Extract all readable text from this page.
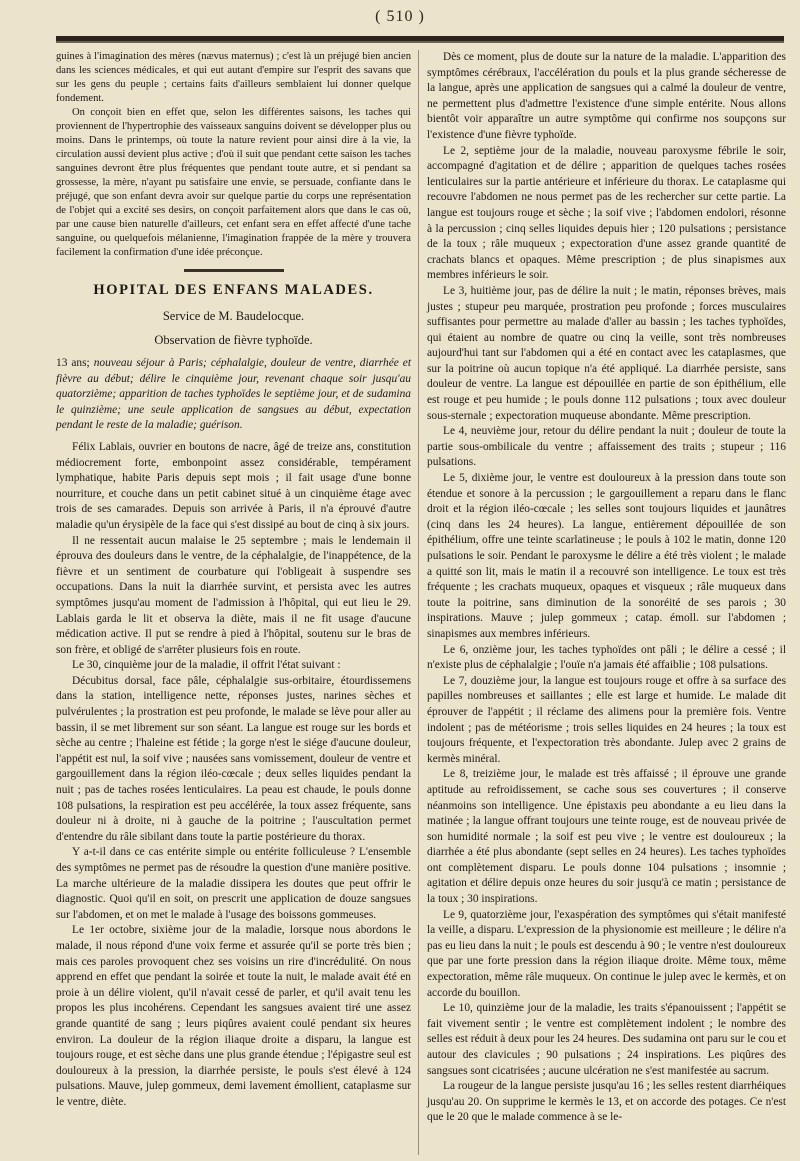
( 510 )

guines à l'imagination des mères (nævus maternus) ; c'est là un préjugé bien ancien dans les sciences médicales, et qui eut autant d'empire sur l'esprit des savans que sur les gens du peuple ; certains faits d'ailleurs semblaient lui donner quelque fondement.

On conçoit bien en effet que, selon les différentes saisons, les taches qui proviennent de l'hypertrophie des vaisseaux sanguins doivent se développer plus ou moins. Dans le printemps, où toute la nature revient pour ainsi dire à la vie, la circulation aussi devient plus active ; d'où il suit que pendant cette saison les taches sanguines devront être plus fréquentes que pendant toute autre, et si pendant sa grossesse, la mère, n'ayant pu satisfaire une envie, se persuade, confiante dans le préjugé, que son enfant devra avoir sur quelque partie du corps une représentation de l'objet qui a excité ses desirs, on conçoit parfaitement alors que dans le cas où, par une cause bien naturelle d'ailleurs, cet enfant sera en effet affecté d'une tache sanguine, ou quelquefois mélanienne, l'imagination frappée de la mère y trouvera facilement la confirmation d'une idée préconçue.

HOPITAL DES ENFANS MALADES.
Service de M. Baudelocque.
Observation de fièvre typhoïde.

13 ans; nouveau séjour à Paris; céphalalgie, douleur de ventre, diarrhée et fièvre au début; délire le cinquième jour, revenant chaque soir jusqu'au quatorzième; apparition de taches typhoïdes le septième jour, et de sudamina le quinzième; une seule application de sangsues au début, expectation pendant le reste de la maladie; guérison.

Félix Lablais, ouvrier en boutons de nacre, âgé de treize ans, constitution médiocrement forte, embonpoint assez considérable, tempérament lymphatique, habite Paris depuis sept mois ; il fait usage d'une bonne nourriture, et couche dans un petit cabinet situé à un cinquième étage avec trois de ses camarades. Depuis son arrivée à Paris, il n'a éprouvé d'autre maladie qu'un érysipèle de la face qui s'est dissipé au bout de cinq à six jours.

Il ne ressentait aucun malaise le 25 septembre ; mais le lendemain il éprouva des douleurs dans le ventre, de la céphalalgie, de l'inappétence, de la fièvre et un sentiment de courbature qui l'obligeait à suspendre ses occupations. Dans la nuit la diarrhée survint, et persista avec les autres symptômes jusqu'au moment de l'admission à l'hôpital, qui eut lieu le 29. Lablais garda le lit et observa la diète, mais il ne fit usage d'aucune médication active. Il put se rendre à pied à l'hôpital, soutenu sur le bras de son frère, et obligé de s'arrêter plusieurs fois en route.

Le 30, cinquième jour de la maladie, il offrit l'état suivant :

Décubitus dorsal, face pâle, céphalalgie sus-orbitaire, étourdissemens dans la station, intelligence nette, réponses justes, narines sèches et pulvérulentes ; la prostration est peu profonde, le malade se lève pour aller au bassin, il se met librement sur son séant. La langue est rouge sur les bords et sèche au centre ; l'haleine est fétide ; la gorge n'est le siége d'aucune douleur, l'appétit est nul, la soif vive ; nausées sans vomissement, douleur de ventre et gargouillement dans la région iléo-cœcale ; deux selles liquides pendant la nuit ; pas de taches rosées lenticulaires. La peau est chaude, le pouls donne 108 pulsations, la respiration est peu accélérée, la toux assez fréquente, sans douleur ni à droite, ni à gauche de la poitrine ; l'auscultation permet d'entendre du râle sibilant dans toute la partie postérieure du thorax.

Y a-t-il dans ce cas entérite simple ou entérite folliculeuse ? L'ensemble des symptômes ne permet pas de résoudre la question d'une manière positive. La marche ultérieure de la maladie dissipera les doutes que peut offrir le diagnostic. Quoi qu'il en soit, on prescrit une application de douze sangsues sur l'abdomen, et on met le malade à l'usage des boissons gommeuses.

Le 1er octobre, sixième jour de la maladie, lorsque nous abordons le malade, il nous répond d'une voix ferme et assurée qu'il se porte très bien ; mais ces paroles provoquent chez ses voisins un rire d'incrédulité. On nous apprend en effet que pendant la soirée et toute la nuit, le malade avait été en proie à un délire violent, qu'il n'avait cessé de parler, et qu'il avait tenu les propos les plus incohérens. Cependant les sangsues avaient tiré une assez grande quantité de sang ; leurs piqûres avaient coulé pendant six heures environ. La douleur de la région iliaque droite a disparu, la langue est toujours rouge, et est sèche dans une plus grande étendue ; l'épigastre seul est douloureux à la pression, la diarrhée persiste, le pouls s'est élevé à 124 pulsations. Mauve, julep gommeux, demi lavement émollient, cataplasme sur le ventre, diète.

Dès ce moment, plus de doute sur la nature de la maladie. L'apparition des symptômes cérébraux, l'accélération du pouls et la plus grande sécheresse de la langue, après une application de sangsues qui a calmé la douleur de ventre, ne permettent plus d'admettre l'existence d'une simple entérite. Nous allons bientôt voir apparaître un autre symptôme qui confirme nos soupçons sur l'existence d'une fièvre typhoïde.

Le 2, septième jour de la maladie, nouveau paroxysme fébrile le soir, accompagné d'agitation et de délire ; apparition de quelques taches rosées lenticulaires sur la partie antérieure et inférieure du thorax. Le cataplasme qui recouvre l'abdomen ne nous permet pas de les rechercher sur cette partie. La langue est toujours rouge et sèche ; la soif vive ; l'abdomen endolori, résonne à la percussion ; cinq selles liquides depuis hier ; 120 pulsations ; persistance de la toux ; râle muqueux ; expectoration d'une assez grande quantité de crachats blancs et opaques. Même prescription ; de plus sinapismes aux membres inférieurs le soir.

Le 3, huitième jour, pas de délire la nuit ; le matin, réponses brèves, mais justes ; stupeur peu marquée, prostration peu profonde ; forces musculaires suffisantes pour permettre au malade d'aller au bassin ; les taches typhoïdes, qui étaient au nombre de quatre ou cinq la veille, sont très nombreuses aujourd'hui tant sur l'abdomen qui a été en contact avec les cataplasmes, que sur la poitrine où aucun topique n'a été appliqué. La diarrhée persiste, sans douleur de ventre. La langue est dépouillée en partie de son épithélium, elle est rouge et peu humide ; le pouls donne 112 pulsations ; toux avec douleur sous-sternale ; expectoration muqueuse abondante. Même prescription.

Le 4, neuvième jour, retour du délire pendant la nuit ; douleur de toute la partie sous-ombilicale du ventre ; affaissement des traits ; stupeur ; 116 pulsations.

Le 5, dixième jour, le ventre est douloureux à la pression dans toute son étendue et sonore à la percussion ; le gargouillement a reparu dans le flanc droit et la région iléo-cœcale ; les selles sont toujours liquides et jaunâtres (cinq dans les 24 heures). La langue, entièrement dépouillée de son épithélium, offre une teinte scarlatineuse ; le pouls à 102 le matin, donne 120 pulsations le soir. Pendant le paroxysme le délire a été très violent ; le malade a quitté son lit, mais le matin il a recouvré son intelligence. Le toux est très fréquente ; les crachats muqueux, opaques et visqueux ; râle muqueux dans toute la poitrine, sans diminution de la sonoréité de ses parois ; 30 inspirations. Mauve ; julep gommeux ; catap. émoll. sur l'abdomen ; sinapismes aux membres inférieurs.

Le 6, onzième jour, les taches typhoïdes ont pâli ; le délire a cessé ; il n'existe plus de céphalalgie ; l'ouïe n'a jamais été affaiblie ; 108 pulsations.

Le 7, douzième jour, la langue est toujours rouge et offre à sa surface des papilles nombreuses et saillantes ; elle est large et humide. Le malade dit éprouver de l'appétit ; il réclame des alimens pour la première fois. Ventre indolent ; pas de météorisme ; trois selles liquides en 24 heures ; la toux est toujours fréquente, et l'expectoration très abondante. Julep avec 2 grains de kermès minéral.

Le 8, treizième jour, le malade est très affaissé ; il éprouve une grande aptitude au refroidissement, se cache sous ses couvertures ; il conserve néanmoins son intelligence. Une épistaxis peu abondante a eu lieu dans la matinée ; la langue offrant toujours une teinte rouge, est de nouveau privée de son humidité normale ; la soif est peu vive ; le ventre est douloureux ; la diarrhée a été plus abondante (sept selles en 24 heures). Les taches typhoïdes ont complètement disparu. Le pouls donne 104 pulsations ; insomnie ; agitation et délire depuis onze heures du soir jusqu'à ce matin ; persistance de la toux ; 30 inspirations.

Le 9, quatorzième jour, l'exaspération des symptômes qui s'était manifesté la veille, a disparu. L'expression de la physionomie est meilleure ; le délire n'a pas eu lieu dans la nuit ; le pouls est descendu à 90 ; le ventre n'est douloureux que par une forte pression dans la région iliaque droite. Même toux, même expectoration, même râle muqueux. On continue le julep avec le kermès, et on accorde du bouillon.

Le 10, quinzième jour de la maladie, les traits s'épanouissent ; l'appétit se fait vivement sentir ; le ventre est complètement indolent ; le nombre des selles est réduit à deux pour les 24 heures. Des sudamina ont paru sur le cou et autour des clavicules ; 90 pulsations ; 24 inspirations. Les piqûres des sangsues sont cicatrisées ; aucune ulcération ne s'est manifestée au sacrum.

La rougeur de la langue persiste jusqu'au 16 ; les selles restent diarrhéiques jusqu'au 20. On supprime le kermès le 13, et on accorde des potages. Ce n'est que le 20 que le malade commence à se le-
